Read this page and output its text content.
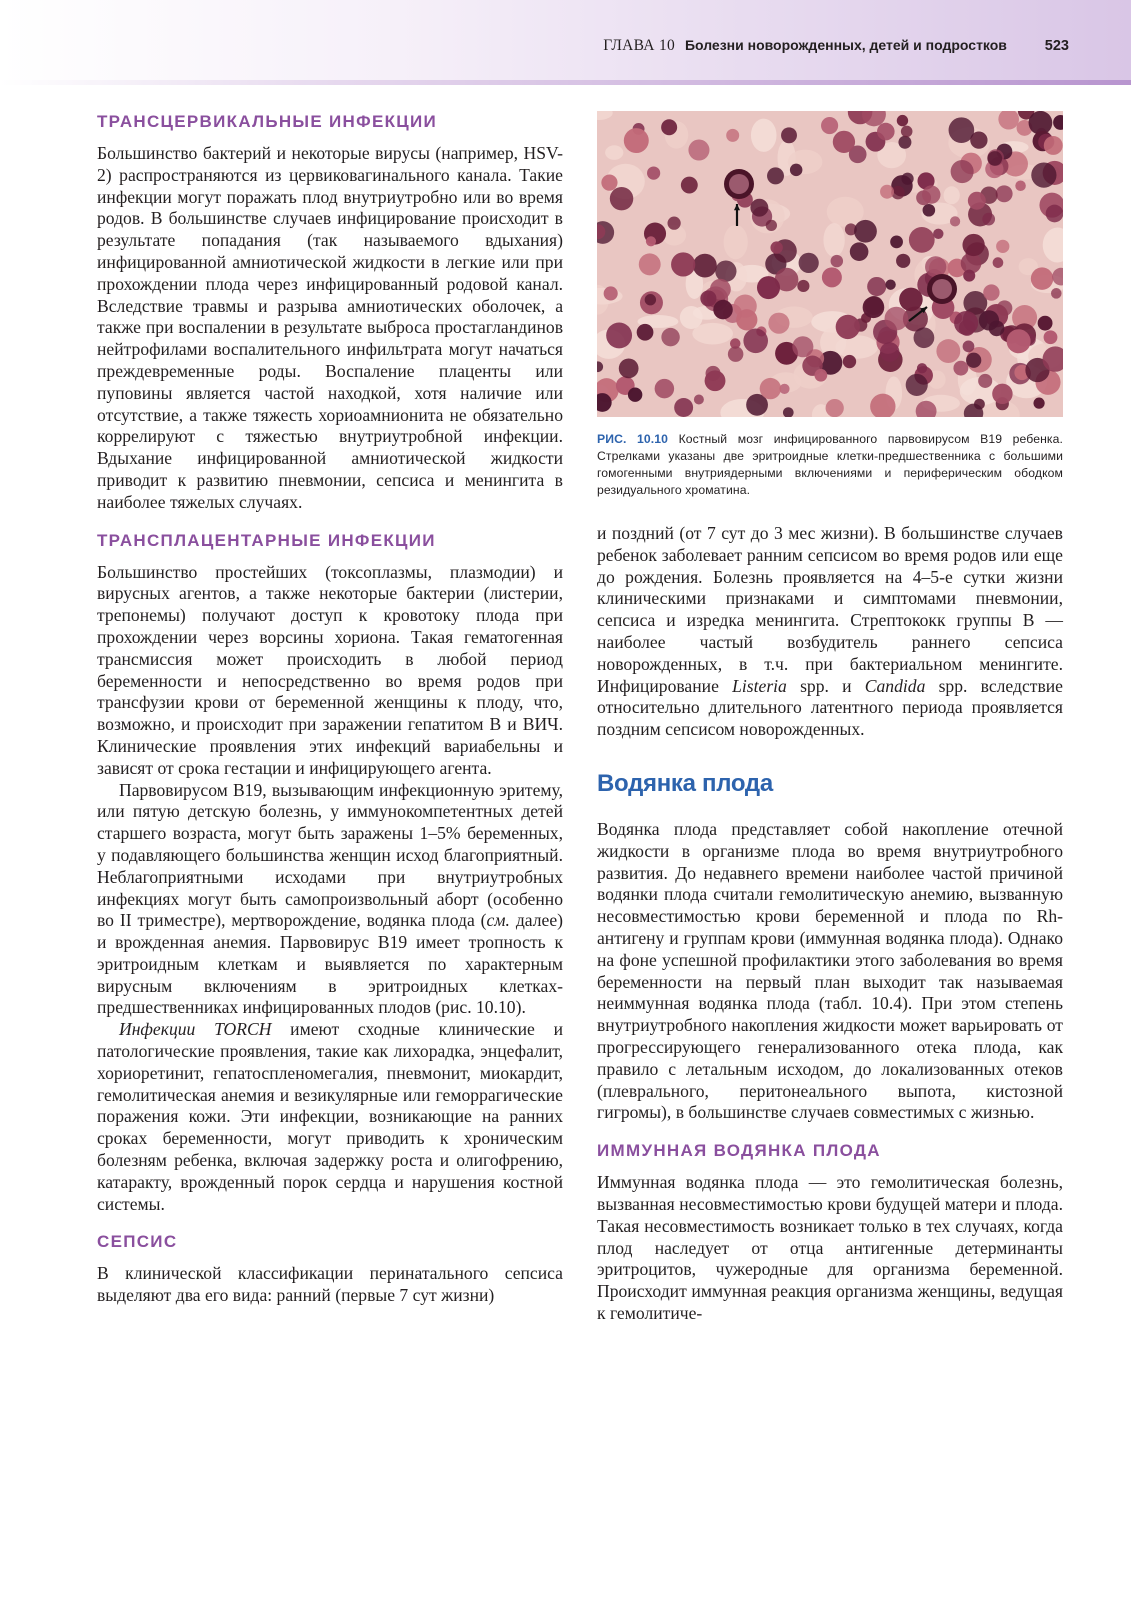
ГЛАВА 10 Болезни новорожденных, детей и подростков	523
ТРАНСЦЕРВИКАЛЬНЫЕ ИНФЕКЦИИ

Большинство бактерий и некоторые вирусы (например, HSV-2) распространяются из цервиковагинального канала. Такие инфекции могут поражать плод внутриутробно или во время родов. В большинстве случаев инфицирование происходит в результате попадания (так называемого вдыхания) инфицированной амниотической жидкости в легкие или при прохождении плода через инфицированный родовой канал. Вследствие травмы и разрыва амниотических оболочек, а также при воспалении в результате выброса простагландинов нейтрофилами воспалительного инфильтрата могут начаться преждевременные роды. Воспаление плаценты или пуповины является частой находкой, хотя наличие или отсутствие, а также тяжесть хориоамнионита не обязательно коррелируют с тяжестью внутриутробной инфекции. Вдыхание инфицированной амниотической жидкости приводит к развитию пневмонии, сепсиса и менингита в наиболее тяжелых случаях.

ТРАНСПЛАЦЕНТАРНЫЕ ИНФЕКЦИИ

Большинство простейших (токсоплазмы, плазмодии) и вирусных агентов, а также некоторые бактерии (листерии, трепонемы) получают доступ к кровотоку плода при прохождении через ворсины хориона. Такая гематогенная трансмиссия может происходить в любой период беременности и непосредственно во время родов при трансфузии крови от беременной женщины к плоду, что, возможно, и происходит при заражении гепатитом В и ВИЧ. Клинические проявления этих инфекций вариабельны и зависят от срока гестации и инфицирующего агента.

Парвовирусом В19, вызывающим инфекционную эритему, или пятую детскую болезнь, у иммунокомпетентных детей старшего возраста, могут быть заражены 1–5% беременных, у подавляющего большинства женщин исход благоприятный. Неблагоприятными исходами при внутриутробных инфекциях могут быть самопроизвольный аборт (особенно во II триместре), мертворождение, водянка плода (см. далее) и врожденная анемия. Парвовирус В19 имеет тропность к эритроидным клеткам и выявляется по характерным вирусным включениям в эритроидных клетках-предшественниках инфицированных плодов (рис. 10.10).

Инфекции TORCH имеют сходные клинические и патологические проявления, такие как лихорадка, энцефалит, хориоретинит, гепатоспленомегалия, пневмонит, миокардит, гемолитическая анемия и везикулярные или геморрагические поражения кожи. Эти инфекции, возникающие на ранних сроках беременности, могут приводить к хроническим болезням ребенка, включая задержку роста и олигофрению, катаракту, врожденный порок сердца и нарушения костной системы.

СЕПСИС

В клинической классификации перинатального сепсиса выделяют два его вида: ранний (первые 7 сут жизни)

РИС. 10.10 Костный мозг инфицированного парвовирусом В19 ребенка. Стрелками указаны две эритроидные клетки-предшественника с большими гомогенными внутриядерными включениями и периферическим ободком резидуального хроматина.

и поздний (от 7 сут до 3 мес жизни). В большинстве случаев ребенок заболевает ранним сепсисом во время родов или еще до рождения. Болезнь проявляется на 4–5-е сутки жизни клиническими признаками и симптомами пневмонии, сепсиса и изредка менингита. Стрептококк группы В — наиболее частый возбудитель раннего сепсиса новорожденных, в т.ч. при бактериальном менингите. Инфицирование Listeria spp. и Candida spp. вследствие относительно длительного латентного периода проявляется поздним сепсисом новорожденных.

Водянка плода

Водянка плода представляет собой накопление отечной жидкости в организме плода во время внутриутробного развития. До недавнего времени наиболее частой причиной водянки плода считали гемолитическую анемию, вызванную несовместимостью крови беременной и плода по Rh-антигену и группам крови (иммунная водянка плода). Однако на фоне успешной профилактики этого заболевания во время беременности на первый план выходит так называемая неиммунная водянка плода (табл. 10.4). При этом степень внутриутробного накопления жидкости может варьировать от прогрессирующего генерализованного отека плода, как правило с летальным исходом, до локализованных отеков (плеврального, перитонеального выпота, кистозной гигромы), в большинстве случаев совместимых с жизнью.

ИММУННАЯ ВОДЯНКА ПЛОДА

Иммунная водянка плода — это гемолитическая болезнь, вызванная несовместимостью крови будущей матери и плода. Такая несовместимость возникает только в тех случаях, когда плод наследует от отца антигенные детерминанты эритроцитов, чужеродные для организма беременной. Происходит иммунная реакция организма женщины, ведущая к гемолитиче-
